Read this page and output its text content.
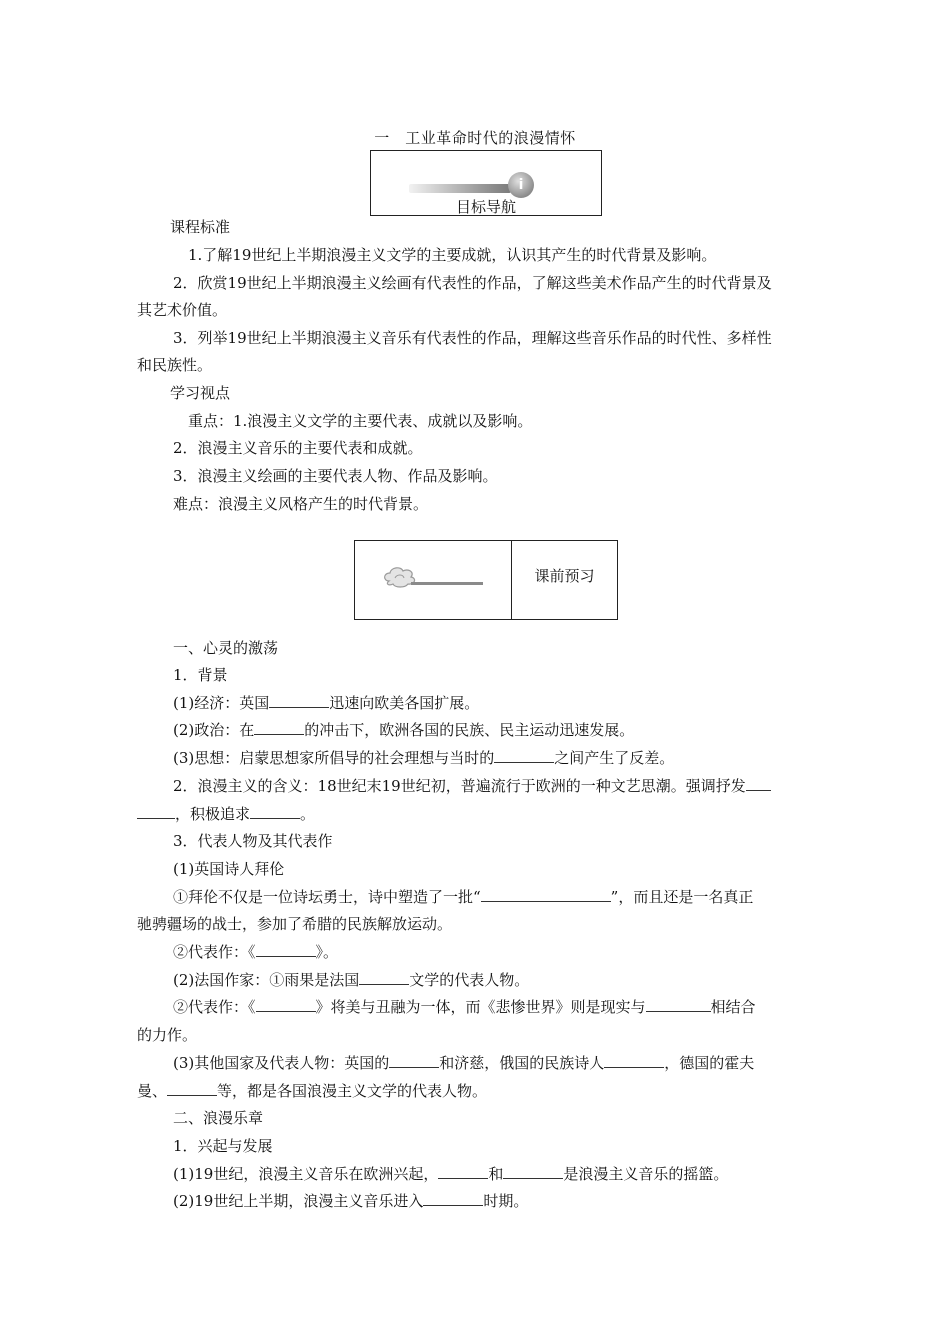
一　工业革命时代的浪漫情怀
i
目标导航
课程标准
1.了解19世纪上半期浪漫主义文学的主要成就，认识其产生的时代背景及影响。
2．欣赏19世纪上半期浪漫主义绘画有代表性的作品，了解这些美术作品产生的时代背景及
其艺术价值。
3．列举19世纪上半期浪漫主义音乐有代表性的作品，理解这些音乐作品的时代性、多样性
和民族性。
学习视点
重点：1.浪漫主义文学的主要代表、成就以及影响。
2．浪漫主义音乐的主要代表和成就。
3．浪漫主义绘画的主要代表人物、作品及影响。
难点：浪漫主义风格产生的时代背景。
课前预习
一、心灵的激荡
1．背景
(1)经济：英国	迅速向欧美各国扩展。
(2)政治：在	的冲击下，欧洲各国的民族、民主运动迅速发展。
(3)思想：启蒙思想家所倡导的社会理想与当时的	之间产生了反差。
2．浪漫主义的含义：18世纪末19世纪初，普遍流行于欧洲的一种文艺思潮。强调抒发
，积极追求	。
3．代表人物及其代表作
(1)英国诗人拜伦
①拜伦不仅是一位诗坛勇士，诗中塑造了一批“	”，而且还是一名真正
驰骋疆场的战士，参加了希腊的民族解放运动。
②代表作：《	》。
(2)法国作家：①雨果是法国	文学的代表人物。
②代表作：《	》将美与丑融为一体，而《悲惨世界》则是现实与	相结合
的力作。
(3)其他国家及代表人物：英国的	和济慈，俄国的民族诗人	，德国的霍夫
曼、	等，都是各国浪漫主义文学的代表人物。
二、浪漫乐章
1．兴起与发展
(1)19世纪，浪漫主义音乐在欧洲兴起，	和	是浪漫主义音乐的摇篮。
(2)19世纪上半期，浪漫主义音乐进入	时期。
